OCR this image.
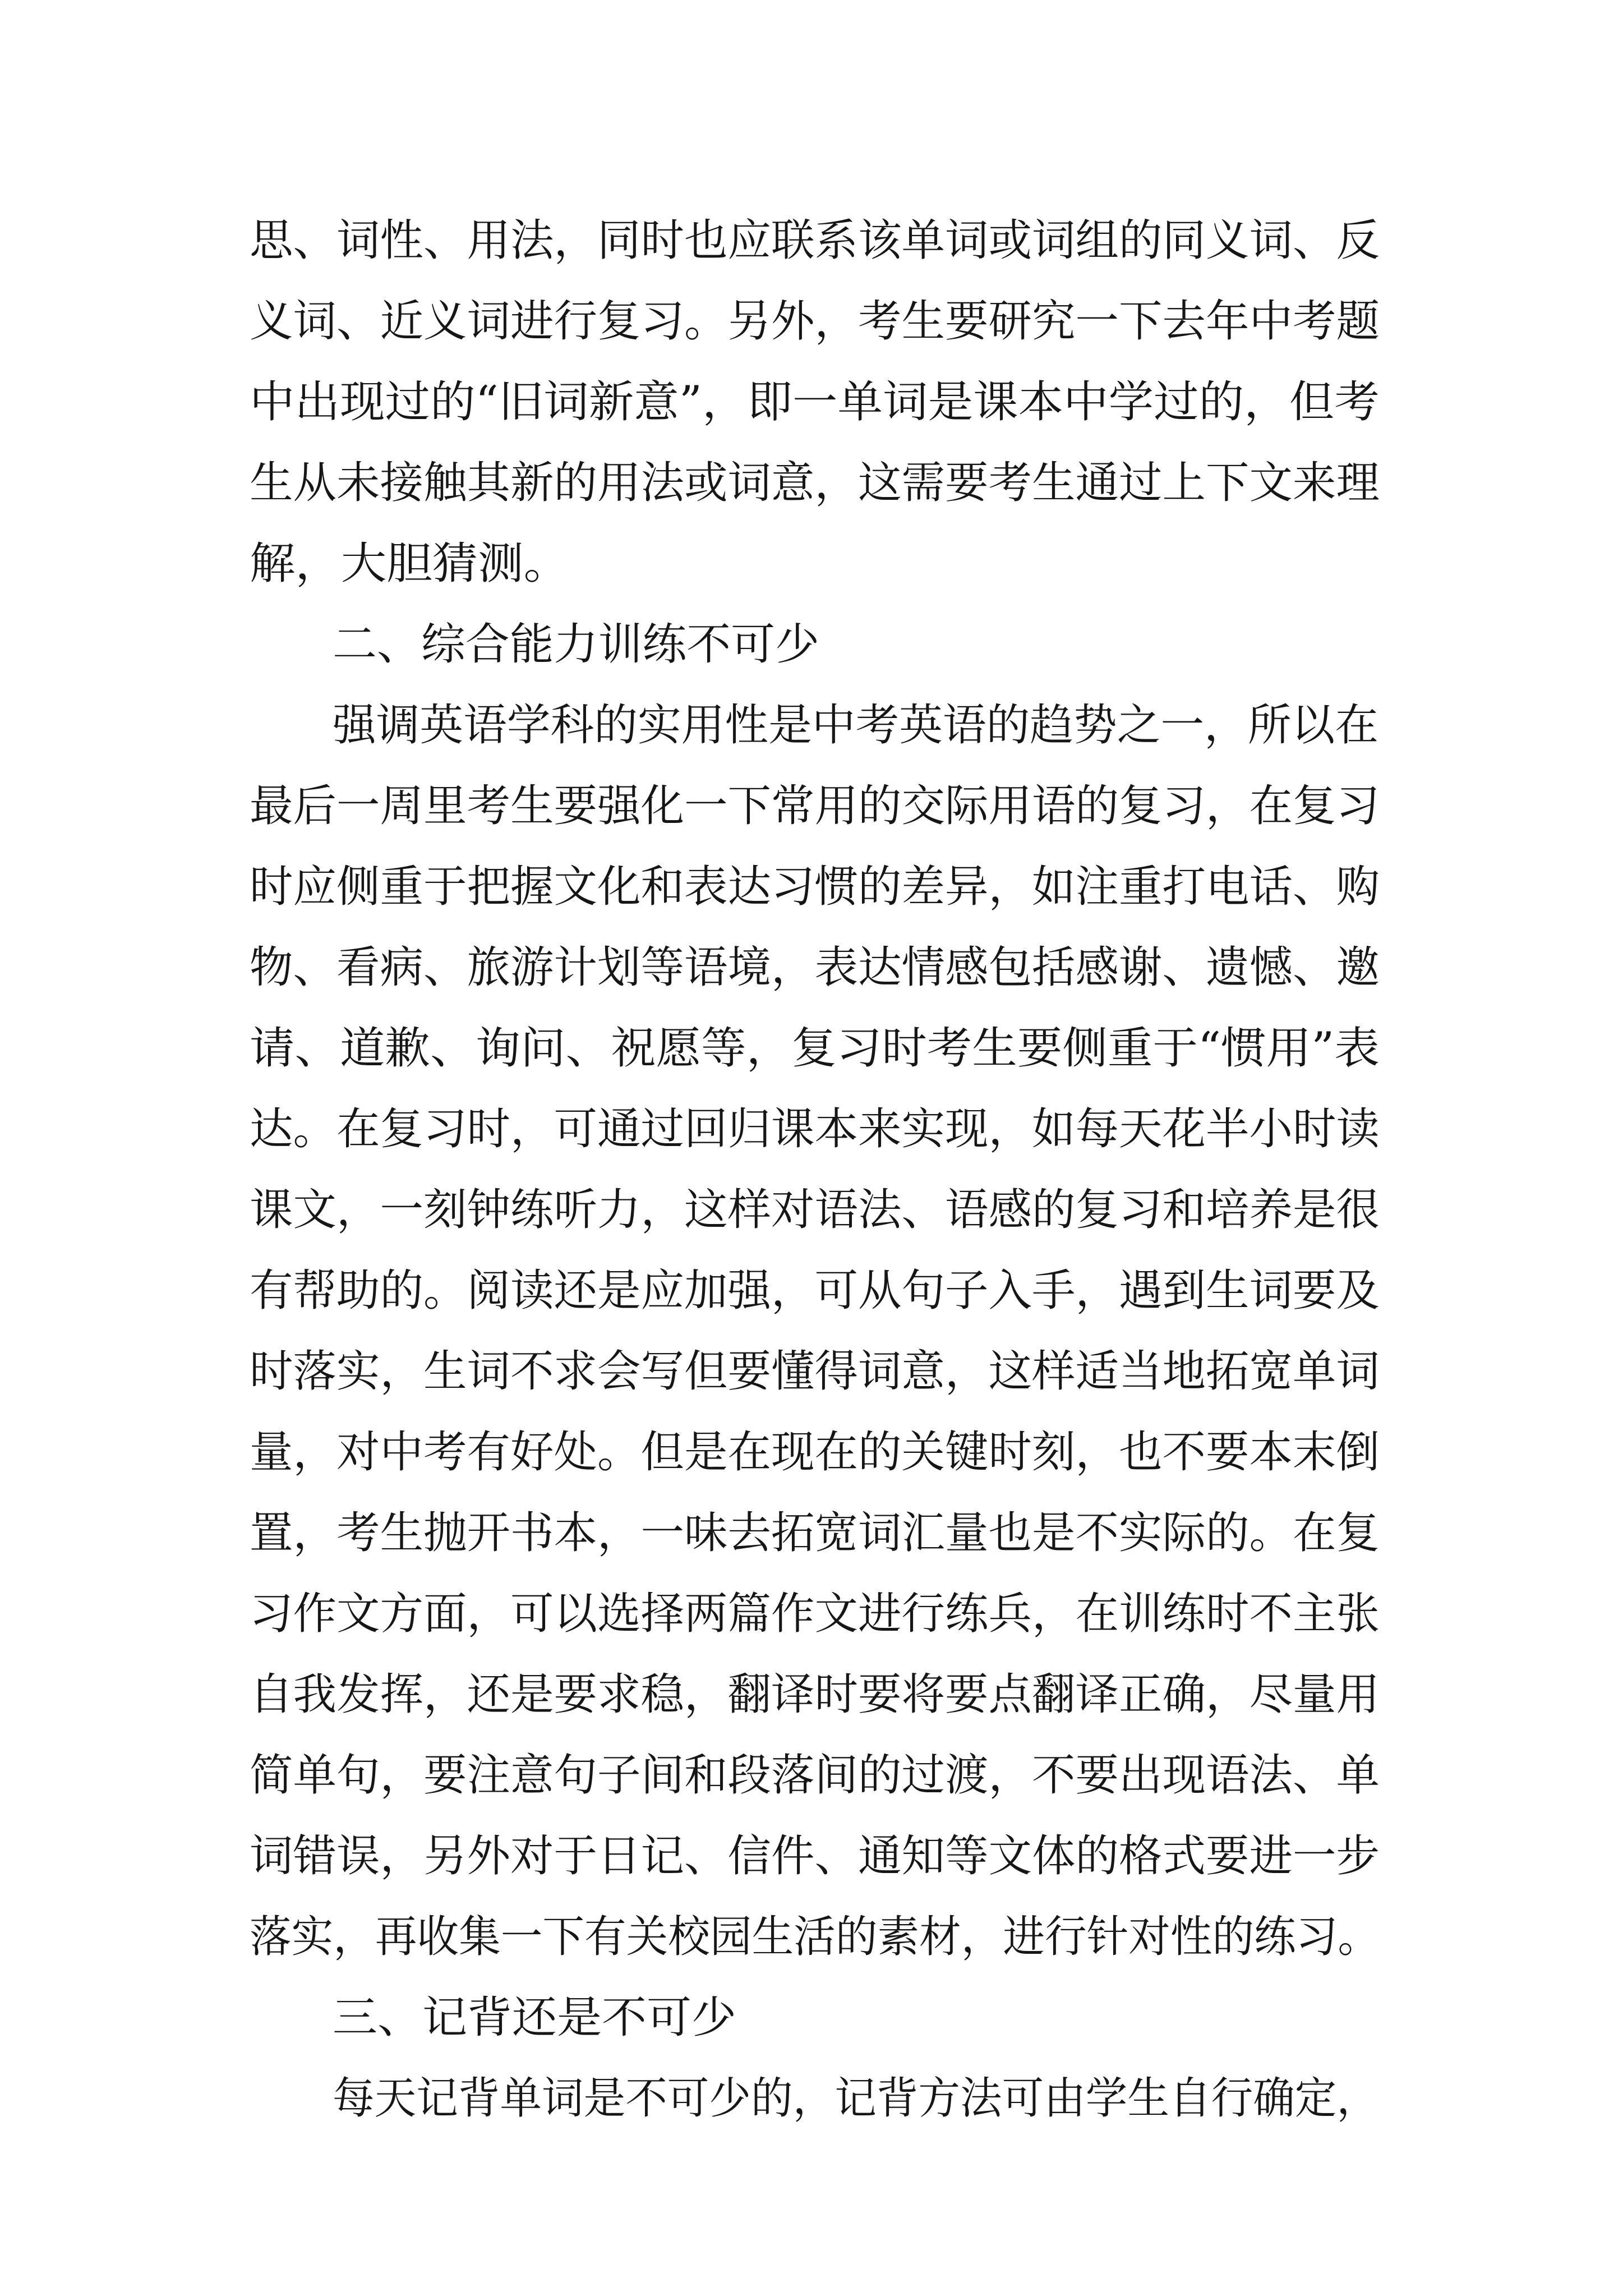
思、词性、用法，同时也应联系该单词或词组的同义词、反
义词、近义词进行复习。另外，考生要研究一下去年中考题
中出现过的“旧词新意”，即一单词是课本中学过的，但考
生从未接触其新的用法或词意，这需要考生通过上下文来理
解，大胆猜测。
二、综合能力训练不可少
强调英语学科的实用性是中考英语的趋势之一，所以在
最后一周里考生要强化一下常用的交际用语的复习，在复习
时应侧重于把握文化和表达习惯的差异，如注重打电话、购
物、看病、旅游计划等语境，表达情感包括感谢、遗憾、邀
请、道歉、询问、祝愿等，复习时考生要侧重于“惯用”表
达。在复习时，可通过回归课本来实现，如每天花半小时读
课文，一刻钟练听力，这样对语法、语感的复习和培养是很
有帮助的。阅读还是应加强，可从句子入手，遇到生词要及
时落实，生词不求会写但要懂得词意，这样适当地拓宽单词
量，对中考有好处。但是在现在的关键时刻，也不要本末倒
置，考生抛开书本，一味去拓宽词汇量也是不实际的。在复
习作文方面，可以选择两篇作文进行练兵，在训练时不主张
自我发挥，还是要求稳，翻译时要将要点翻译正确，尽量用
简单句，要注意句子间和段落间的过渡，不要出现语法、单
词错误，另外对于日记、信件、通知等文体的格式要进一步
落实，再收集一下有关校园生活的素材，进行针对性的练习。
三、记背还是不可少
每天记背单词是不可少的，记背方法可由学生自行确定，
